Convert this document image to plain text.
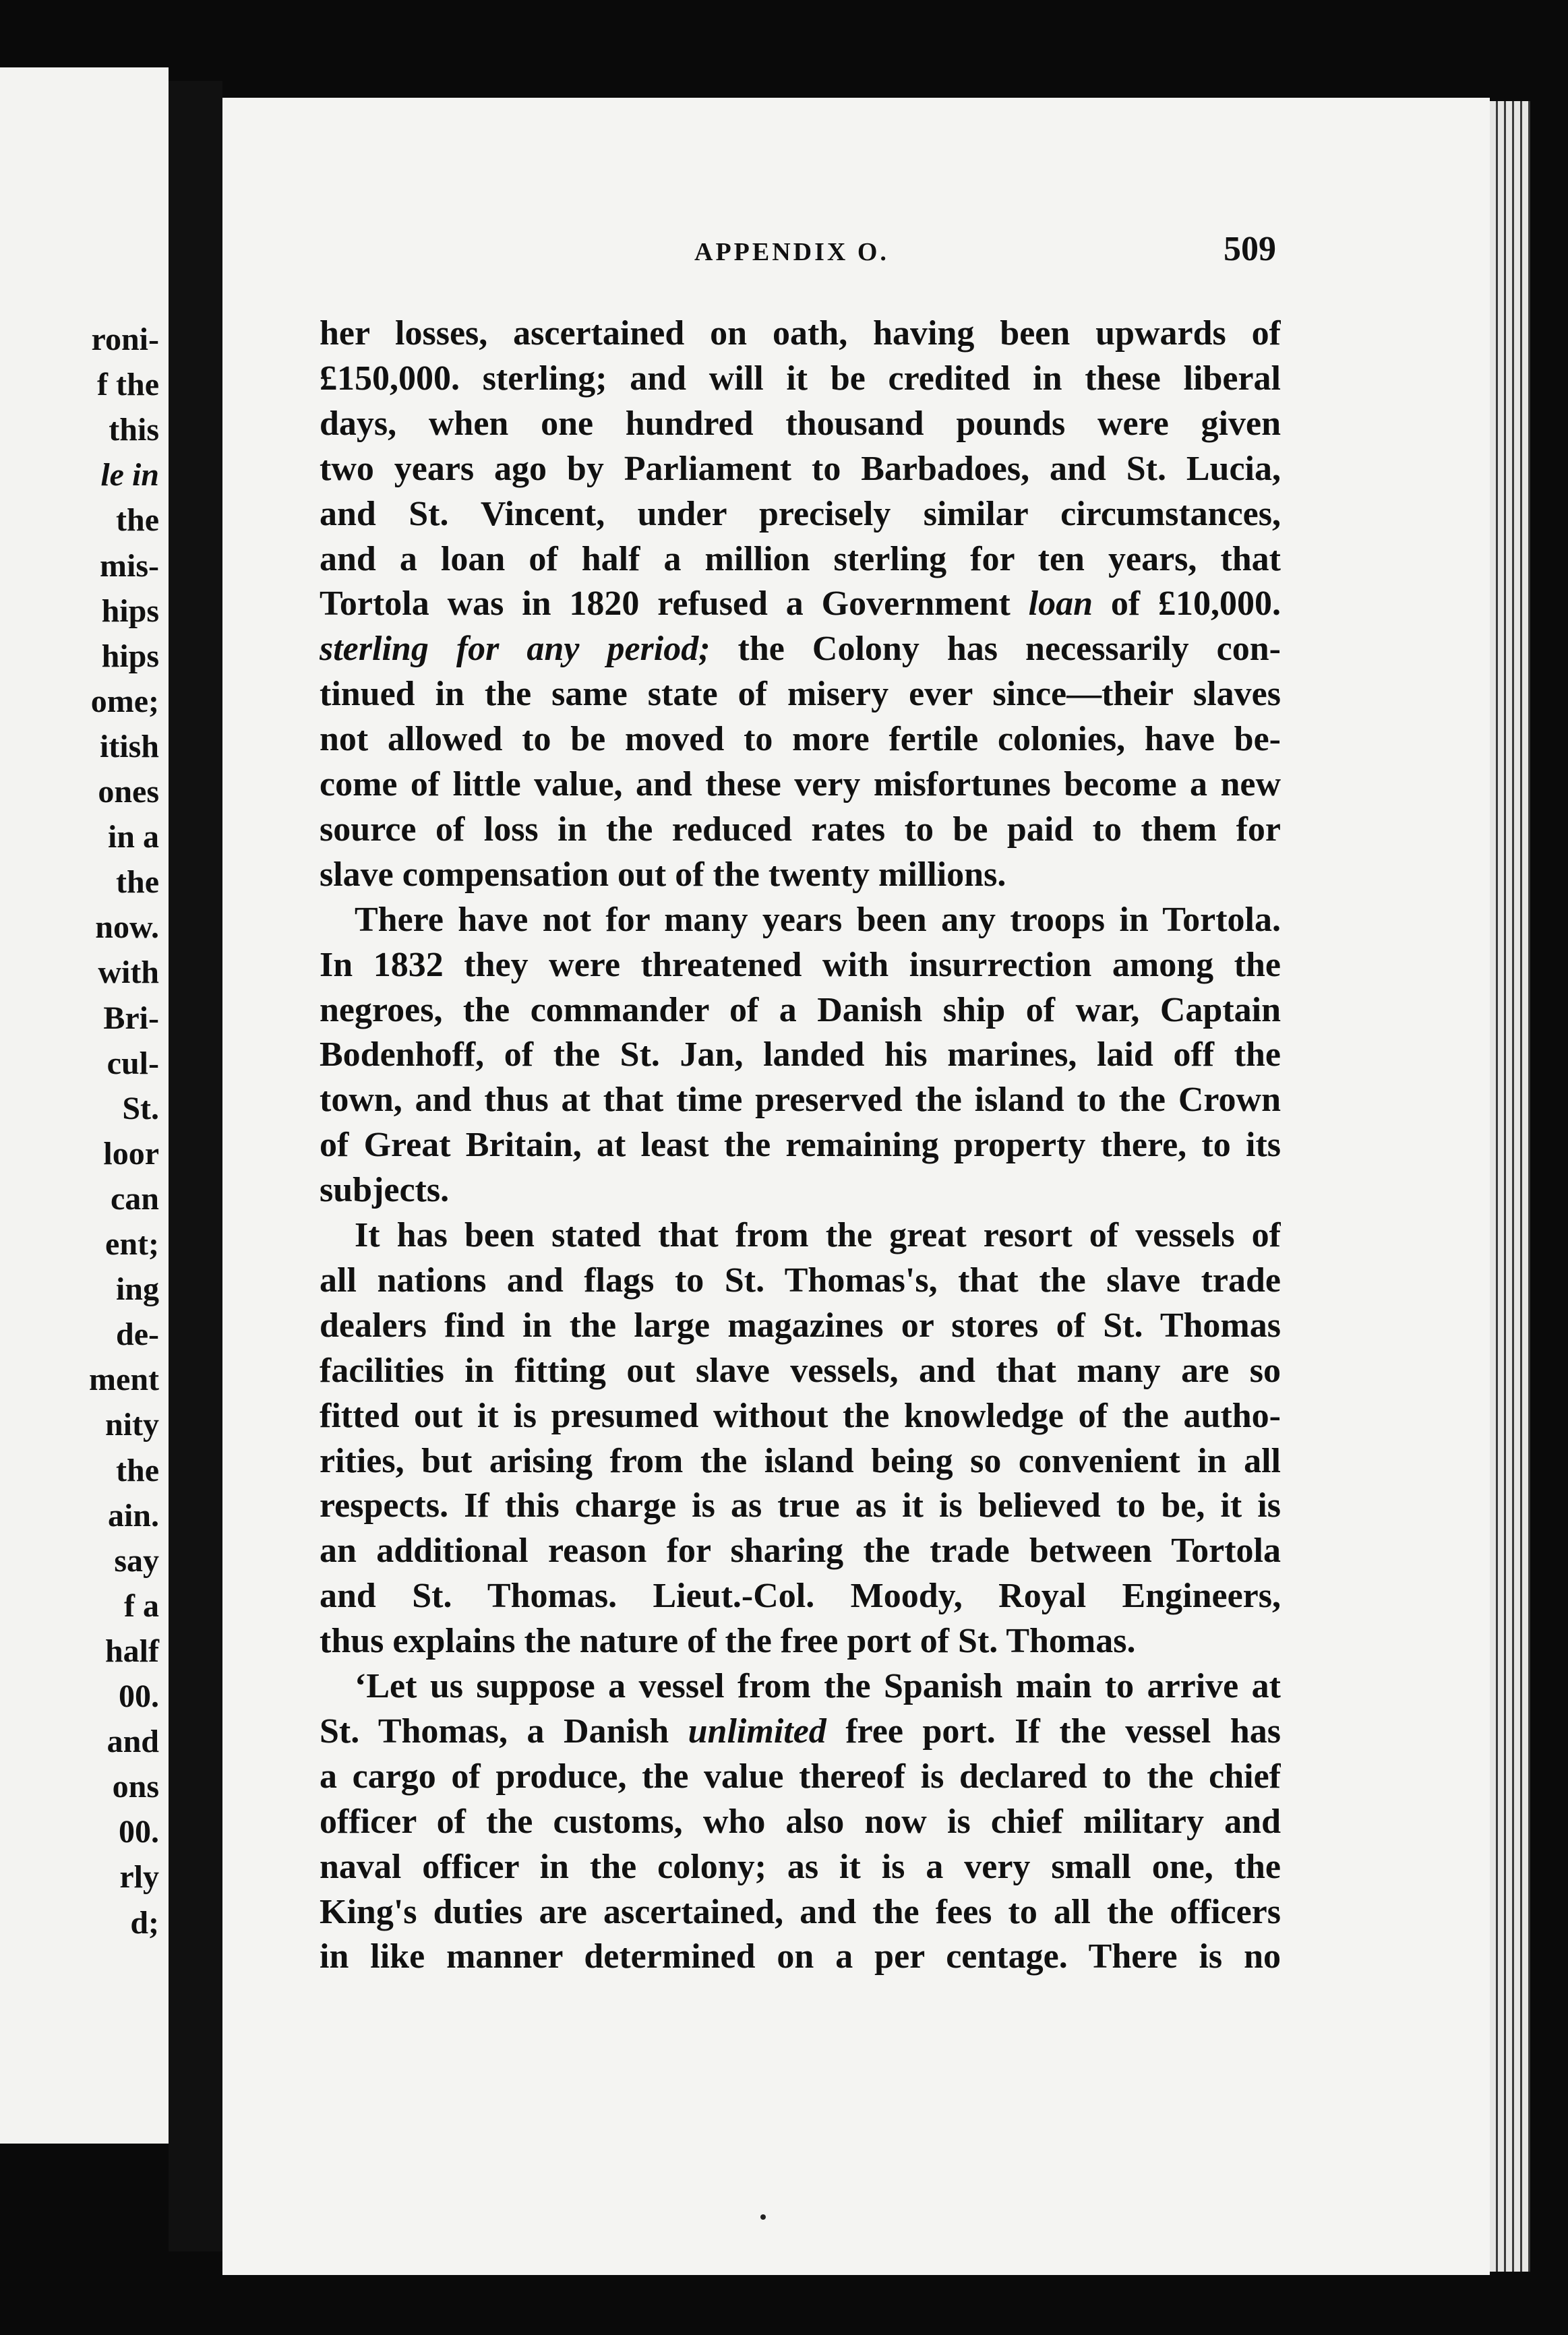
roni-

f the

this

le in

the

mis-

hips

hips

ome;

itish

ones

in a

the

now.

with

Bri-

cul-

St.

loor

can

ent;

ing

de-

ment

nity

the

ain.

say

f a

half

00.

and

ons

00.

rly

d;

APPENDIX O.	509

her losses, ascertained on oath, having been upwards of

£150,000. sterling; and will it be credited in these liberal

days, when one hundred thousand pounds were given

two years ago by Parliament to Barbadoes, and St. Lucia,

and St. Vincent, under precisely similar circumstances,

and a loan of half a million sterling for ten years, that

Tortola was in 1820 refused a Government loan of £10,000.

sterling for any period; the Colony has necessarily con-

tinued in the same state of misery ever since—their slaves

not allowed to be moved to more fertile colonies, have be-

come of little value, and these very misfortunes become a new

source of loss in the reduced rates to be paid to them for

slave compensation out of the twenty millions.

There have not for many years been any troops in Tortola.

In 1832 they were threatened with insurrection among the

negroes, the commander of a Danish ship of war, Captain

Bodenhoff, of the St. Jan, landed his marines, laid off the

town, and thus at that time preserved the island to the Crown

of Great Britain, at least the remaining property there, to its

subjects.

It has been stated that from the great resort of vessels of

all nations and flags to St. Thomas's, that the slave trade

dealers find in the large magazines or stores of St. Thomas

facilities in fitting out slave vessels, and that many are so

fitted out it is presumed without the knowledge of the autho-

rities, but arising from the island being so convenient in all

respects. If this charge is as true as it is believed to be, it is

an additional reason for sharing the trade between Tortola

and St. Thomas. Lieut.-Col. Moody, Royal Engineers,

thus explains the nature of the free port of St. Thomas.

‘Let us suppose a vessel from the Spanish main to arrive at

St. Thomas, a Danish unlimited free port. If the vessel has

a cargo of produce, the value thereof is declared to the chief

officer of the customs, who also now is chief military and

naval officer in the colony; as it is a very small one, the

King's duties are ascertained, and the fees to all the officers

in like manner determined on a per centage. There is no
